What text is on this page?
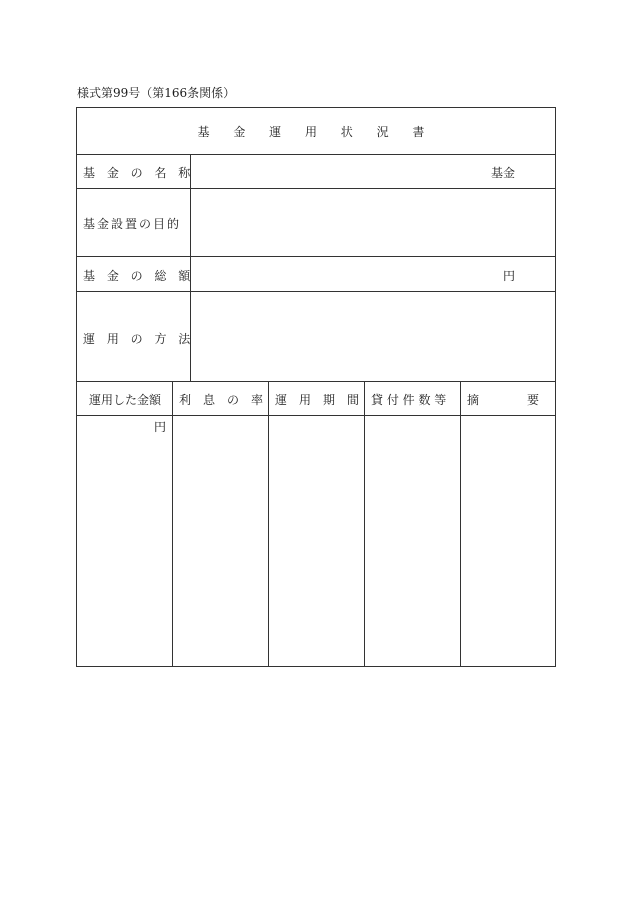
様式第99号（第166条関係）
基 金 運 用 状 況 書
基 金 の 名 称	基金
基金設置の目的
基 金 の 総 額	円
運 用 の 方 法
運用した金額 利　息　の　率 運　用　期　間 貸 付 件 数 等 摘　　　　要
円
